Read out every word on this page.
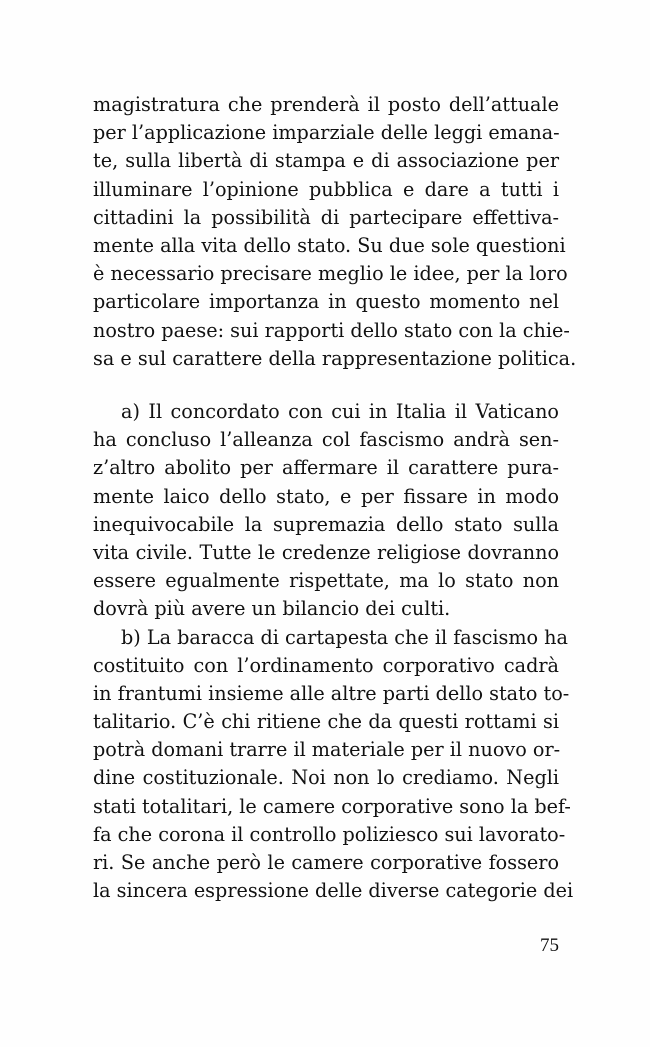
magistratura che prenderà il posto dell’attuale
per l’applicazione imparziale delle leggi emana-
te, sulla libertà di stampa e di associazione per
illuminare l’opinione pubblica e dare a tutti i
cittadini la possibilità di partecipare effettiva-
mente alla vita dello stato. Su due sole questioni
è necessario precisare meglio le idee, per la loro
particolare importanza in questo momento nel
nostro paese: sui rapporti dello stato con la chie-
sa e sul carattere della rappresentazione politica.
a) Il concordato con cui in Italia il Vaticano
ha concluso l’alleanza col fascismo andrà sen-
z’altro abolito per affermare il carattere pura-
mente laico dello stato, e per fissare in modo
inequivocabile la supremazia dello stato sulla
vita civile. Tutte le credenze religiose dovranno
essere egualmente rispettate, ma lo stato non
dovrà più avere un bilancio dei culti.
b) La baracca di cartapesta che il fascismo ha
costituito con l’ordinamento corporativo cadrà
in frantumi insieme alle altre parti dello stato to-
talitario. C’è chi ritiene che da questi rottami si
potrà domani trarre il materiale per il nuovo or-
dine costituzionale. Noi non lo crediamo. Negli
stati totalitari, le camere corporative sono la bef-
fa che corona il controllo poliziesco sui lavorato-
ri. Se anche però le camere corporative fossero
la sincera espressione delle diverse categorie dei
75
